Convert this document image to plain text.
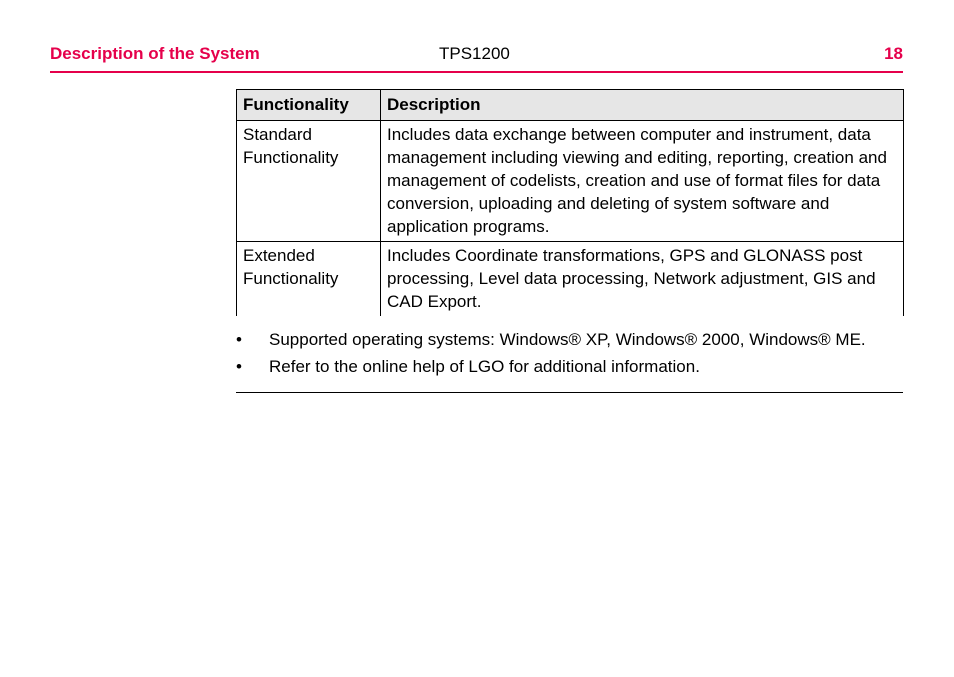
Description of the System	TPS1200	18
Functionality	Description
Standard Functionality	Includes data exchange between computer and instrument, data management including viewing and editing, reporting, creation and management of codelists, creation and use of format files for data conversion, uploading and deleting of system software and application programs.
Extended Functionality	Includes Coordinate transformations, GPS and GLONASS post processing, Level data processing, Network adjustment, GIS and CAD Export.
• Supported operating systems: Windows® XP, Windows® 2000, Windows® ME.
• Refer to the online help of LGO for additional information.
